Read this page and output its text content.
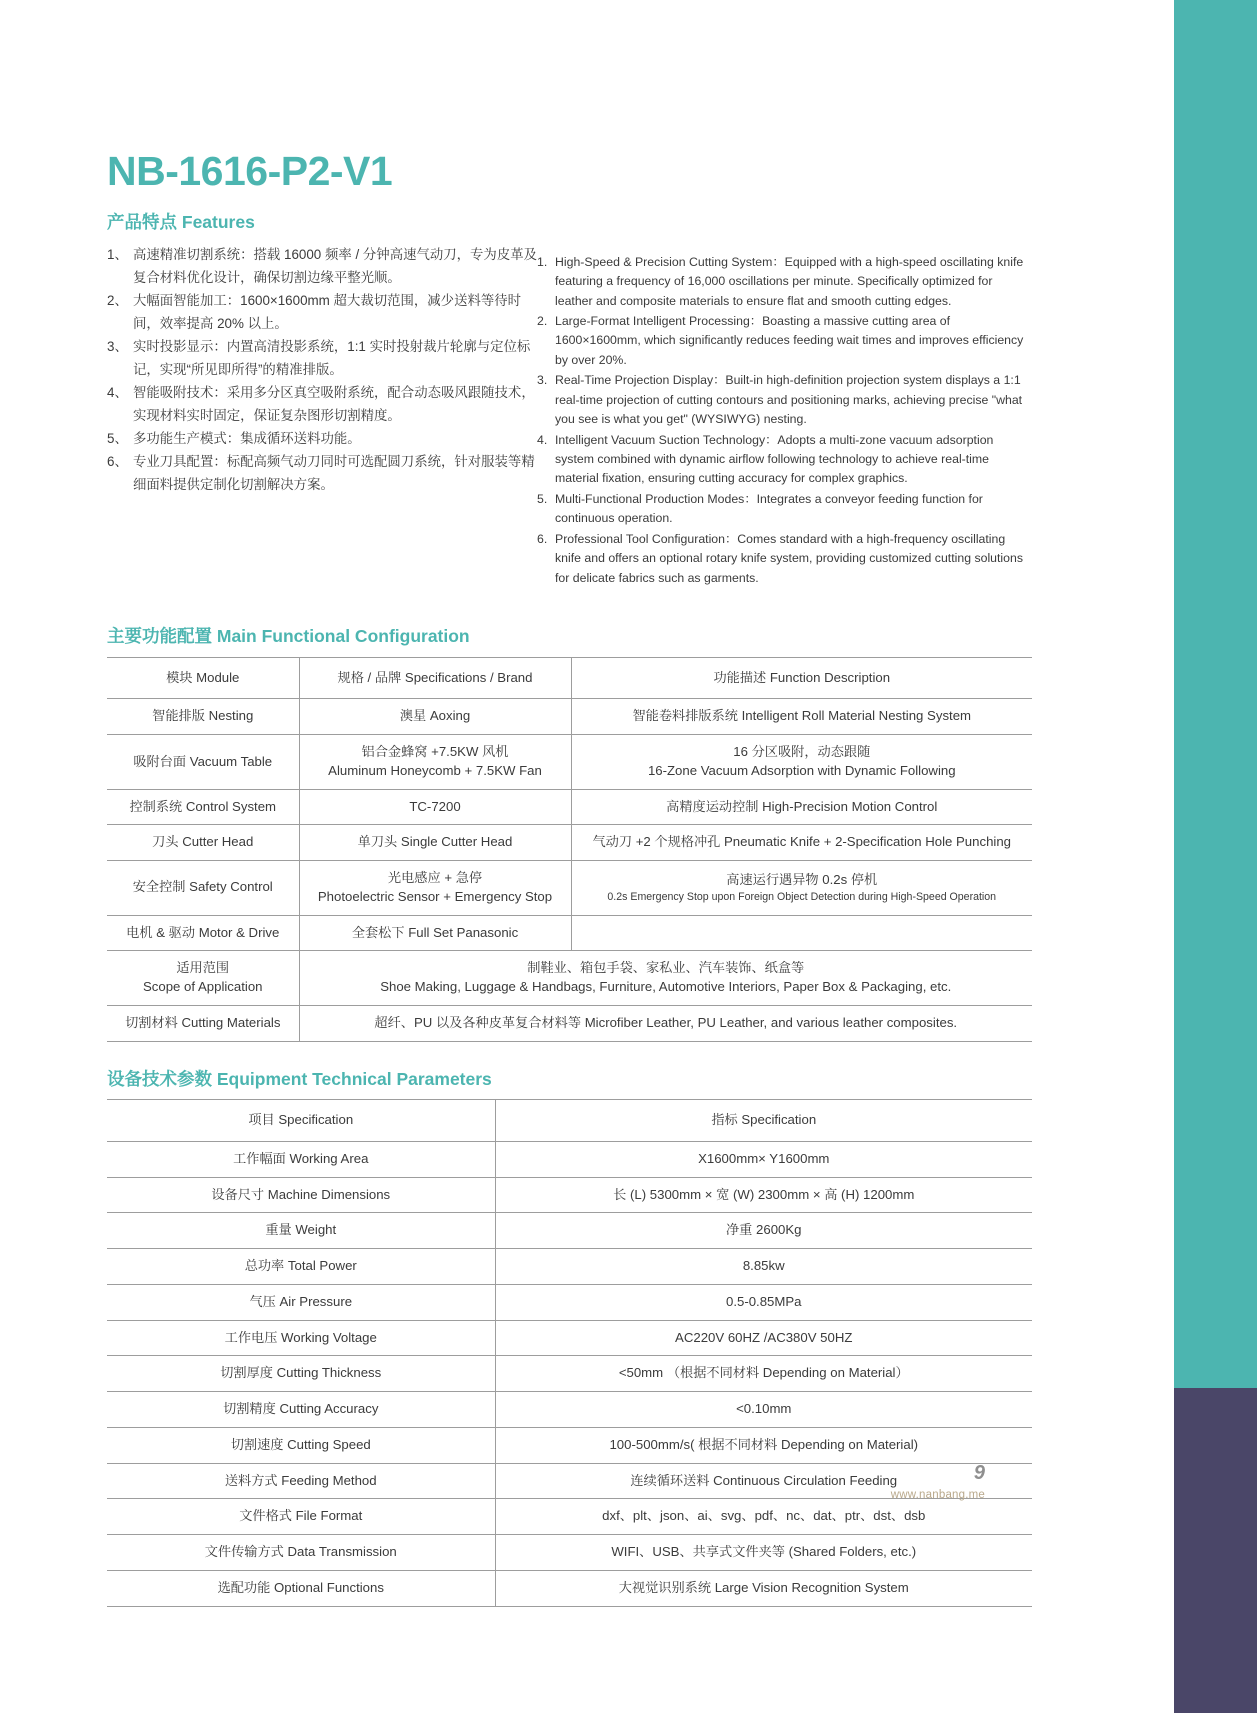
NB-1616-P2-V1
产品特点 Features
1、 高速精准切割系统：搭载 16000 频率 / 分钟高速气动刀，专为皮革及复合材料优化设计，确保切割边缘平整光顺。
2、 大幅面智能加工：1600×1600mm 超大裁切范围，减少送料等待时间，效率提高 20% 以上。
3、 实时投影显示：内置高清投影系统，1:1 实时投射裁片轮廓与定位标记，实现“所见即所得”的精准排版。
4、 智能吸附技术：采用多分区真空吸附系统，配合动态吸风跟随技术，实现材料实时固定，保证复杂图形切割精度。
5、 多功能生产模式：集成循环送料功能。
6、 专业刀具配置：标配高频气动刀同时可选配圆刀系统，针对服装等精细面料提供定制化切割解决方案。
1. High-Speed & Precision Cutting System：Equipped with a high-speed oscillating knife featuring a frequency of 16,000 oscillations per minute. Specifically optimized for leather and composite materials to ensure flat and smooth cutting edges.
2. Large-Format Intelligent Processing：Boasting a massive cutting area of 1600×1600mm, which significantly reduces feeding wait times and improves efficiency by over 20%.
3. Real-Time Projection Display：Built-in high-definition projection system displays a 1:1 real-time projection of cutting contours and positioning marks, achieving precise "what you see is what you get" (WYSIWYG) nesting.
4. Intelligent Vacuum Suction Technology：Adopts a multi-zone vacuum adsorption system combined with dynamic airflow following technology to achieve real-time material fixation, ensuring cutting accuracy for complex graphics.
5. Multi-Functional Production Modes：Integrates a conveyor feeding function for continuous operation.
6. Professional Tool Configuration：Comes standard with a high-frequency oscillating knife and offers an optional rotary knife system, providing customized cutting solutions for delicate fabrics such as garments.
主要功能配置 Main Functional Configuration
模块 Module	规格 / 品牌 Specifications / Brand	功能描述 Function Description
智能排版 Nesting	澳星 Aoxing	智能卷料排版系统 Intelligent Roll Material Nesting System

吸附台面 Vacuum Table	铝合金蜂窝 +7.5KW 风机
Aluminum Honeycomb + 7.5KW Fan	16 分区吸附，动态跟随
16-Zone Vacuum Adsorption with Dynamic Following

控制系统 Control System	TC-7200	高精度运动控制 High-Precision Motion Control

刀头 Cutter Head	单刀头 Single Cutter Head	气动刀 +2 个规格冲孔 Pneumatic Knife + 2-Specification Hole Punching

安全控制 Safety Control	光电感应 + 急停
Photoelectric Sensor + Emergency Stop	高速运行遇异物 0.2s 停机
0.2s Emergency Stop upon Foreign Object Detection during High-Speed Operation

电机 & 驱动 Motor & Drive	全套松下 Full Set Panasonic	

适用范围
Scope of Application	制鞋业、箱包手袋、家私业、汽车装饰、纸盒等
Shoe Making, Luggage & Handbags, Furniture, Automotive Interiors, Paper Box & Packaging, etc.	

切割材料 Cutting Materials	超纤、PU 以及各种皮革复合材料等 Microfiber Leather, PU Leather, and various leather composites.	
设备技术参数 Equipment Technical Parameters
项目 Specification	指标 Specification
工作幅面 Working Area	X1600mm× Y1600mm
设备尺寸 Machine Dimensions	长 (L) 5300mm × 宽 (W) 2300mm × 高 (H) 1200mm
重量 Weight	净重 2600Kg
总功率 Total Power	8.85kw
气压 Air Pressure	0.5-0.85MPa
工作电压 Working Voltage	AC220V 60HZ /AC380V 50HZ
切割厚度 Cutting Thickness	<50mm （根据不同材料 Depending on Material）
切割精度 Cutting Accuracy	<0.10mm
切割速度 Cutting Speed	100-500mm/s( 根据不同材料 Depending on Material)
送料方式 Feeding Method	连续循环送料 Continuous Circulation Feeding
文件格式 File Format	dxf、plt、json、ai、svg、pdf、nc、dat、ptr、dst、dsb
文件传输方式 Data Transmission	WIFI、USB、共享式文件夹等 (Shared Folders, etc.)
选配功能 Optional Functions	大视觉识别系统 Large Vision Recognition System
9
www.nanbang.me
